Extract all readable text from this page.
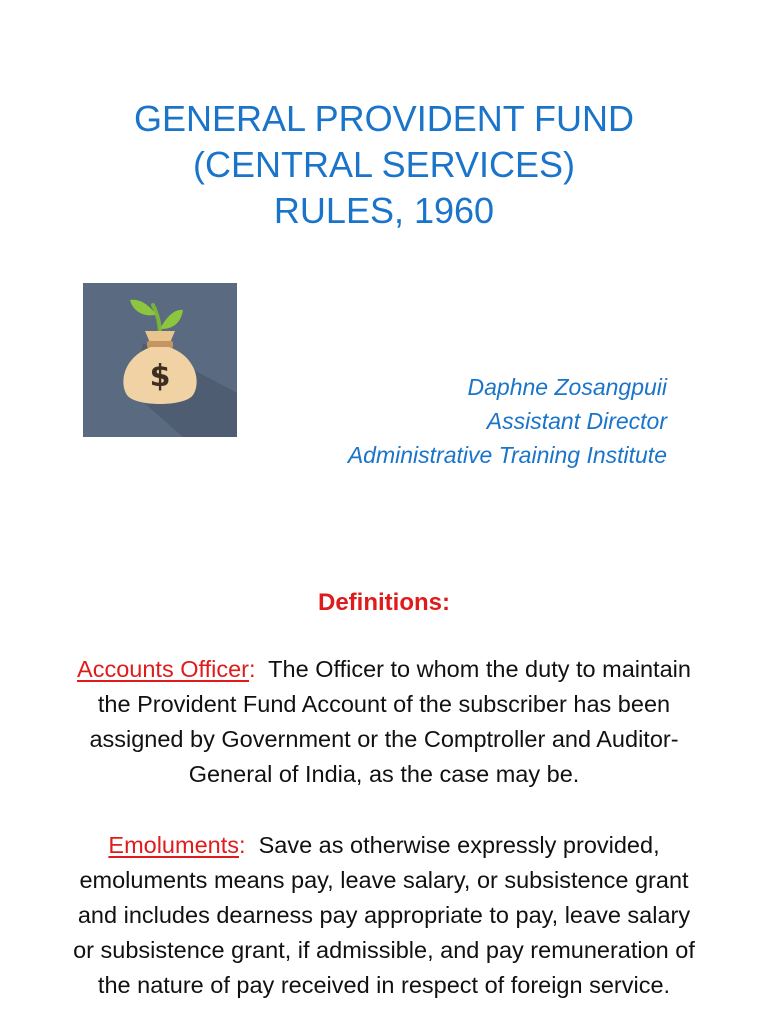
GENERAL PROVIDENT FUND
(CENTRAL SERVICES)
RULES, 1960
$	Daphne Zosangpuii
Assistant Director
Administrative Training Institute
Definitions:

Accounts Officer:  The Officer to whom the duty to maintain the Provident Fund Account of the subscriber has been assigned by Government or the Comptroller and Auditor-General of India, as the case may be.

Emoluments:  Save as otherwise expressly provided, emoluments means pay, leave salary, or subsistence grant and includes dearness pay appropriate to pay, leave salary or subsistence grant, if admissible, and pay remuneration of the nature of pay received in respect of foreign service.
